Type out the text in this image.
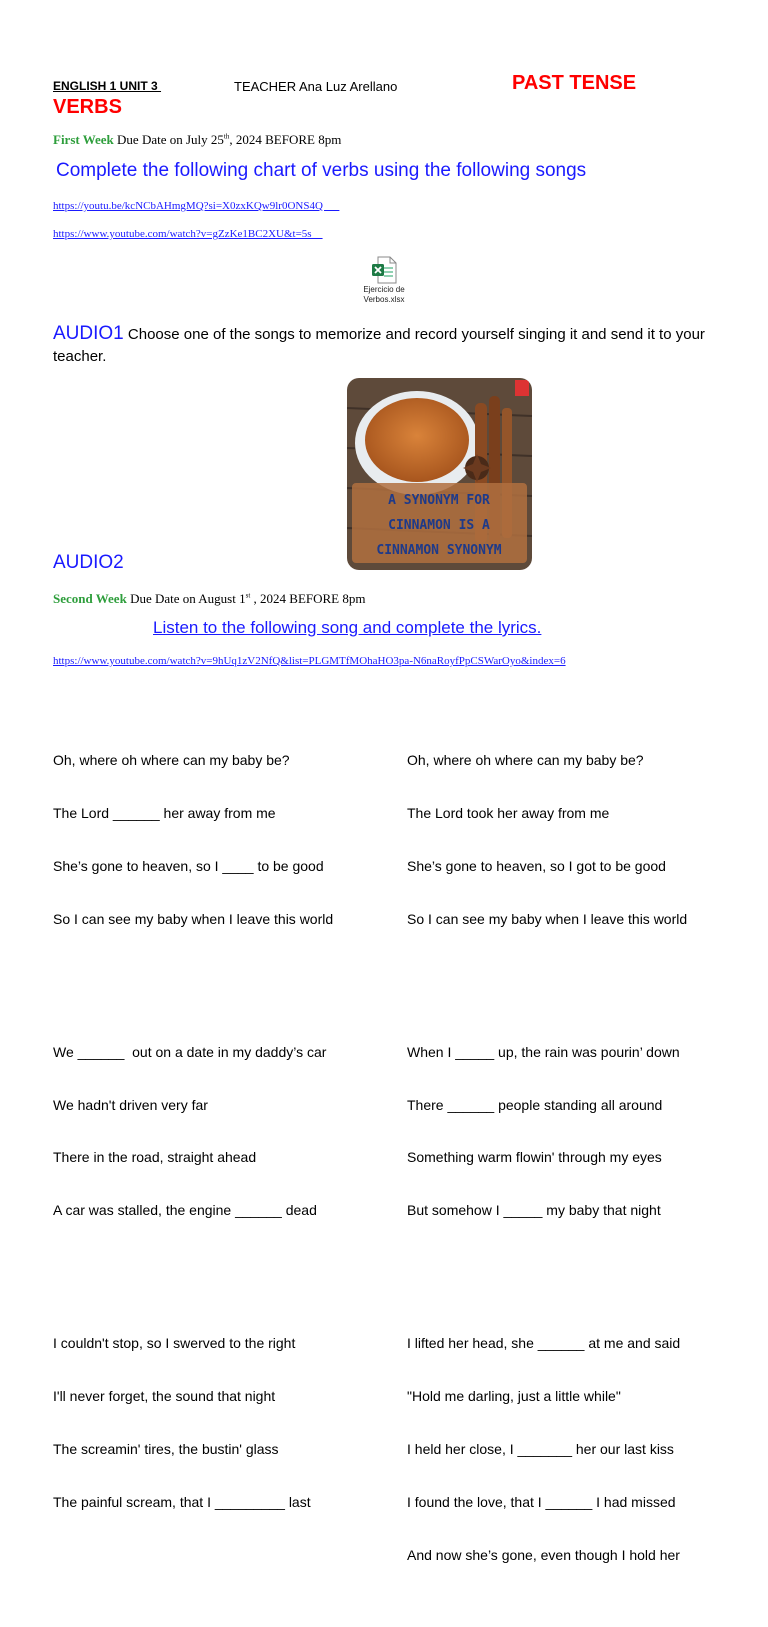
ENGLISH 1 UNIT 3	TEACHER Ana Luz Arellano	PAST TENSE
VERBS
First Week Due Date on July 25th, 2024 BEFORE 8pm
Complete the following chart of verbs using the following songs
https://youtu.be/kcNCbAHmgMQ?si=X0zxKQw9lr0ONS4Q
https://www.youtube.com/watch?v=gZzKe1BC2XU&t=5s
Ejercicio de
Verbos.xlsx
AUDIO1 Choose one of the songs to memorize and record yourself singing it and send it to your teacher.
A SYNONYM FOR
CINNAMON IS A
CINNAMON SYNONYM
AUDIO2
Second Week Due Date on August 1st , 2024 BEFORE 8pm
Listen to the following song and complete the lyrics.
https://www.youtube.com/watch?v=9hUq1zV2NfQ&list=PLGMTfMOhaHO3pa-N6naRoyfPpCSWarOyo&index=6

Oh, where oh where can my baby be?

The Lord ______ her away from me

She’s gone to heaven, so I ____ to be good

So I can see my baby when I leave this world

We ______  out on a date in my daddy’s car

We hadn't driven very far

There in the road, straight ahead

A car was stalled, the engine ______ dead

I couldn't stop, so I swerved to the right

I'll never forget, the sound that night

The screamin' tires, the bustin' glass

The painful scream, that I _________ last

Oh, where oh where can my baby be?

The Lord took her away from me

She’s gone to heaven, so I got to be good

So I can see my baby when I leave this world

When I _____ up, the rain was pourin’ down

There ______ people standing all around

Something warm flowin' through my eyes

But somehow I _____ my baby that night

I lifted her head, she ______ at me and said

"Hold me darling, just a little while"

I held her close, I _______ her our last kiss

I found the love, that I ______ I had missed

And now she’s gone, even though I hold her
